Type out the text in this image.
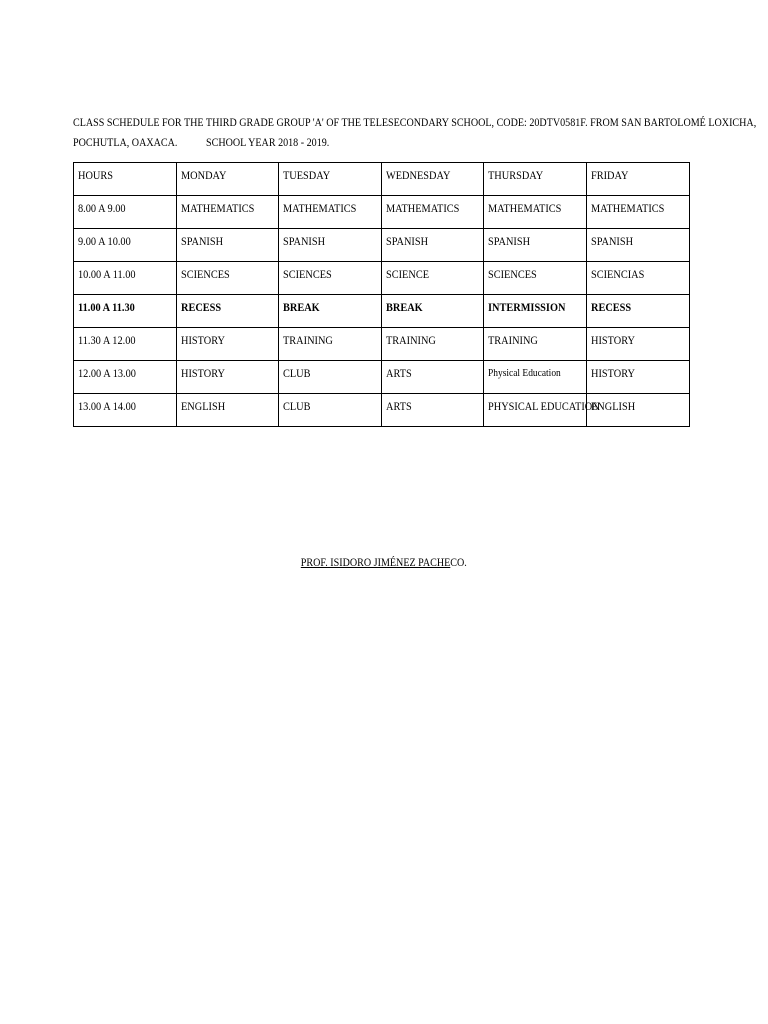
CLASS SCHEDULE FOR THE THIRD GRADE GROUP 'A' OF THE TELESECONDARY SCHOOL, CODE: 20DTV0581F. FROM SAN BARTOLOMÉ LOXICHA,
POCHUTLA, OAXACA. SCHOOL YEAR 2018 - 2019.
HOURS	MONDAY	TUESDAY	WEDNESDAY	THURSDAY	FRIDAY
8.00 A 9.00	MATHEMATICS	MATHEMATICS	MATHEMATICS	MATHEMATICS	MATHEMATICS
9.00 A 10.00	SPANISH	SPANISH	SPANISH	SPANISH	SPANISH
10.00 A 11.00	SCIENCES	SCIENCES	SCIENCE	SCIENCES	SCIENCIAS
11.00 A 11.30	RECESS	BREAK	BREAK	INTERMISSION	RECESS
11.30 A 12.00	HISTORY	TRAINING	TRAINING	TRAINING	HISTORY
12.00 A 13.00	HISTORY	CLUB	ARTS	Physical Education	HISTORY
13.00 A 14.00	ENGLISH	CLUB	ARTS	PHYSICAL EDUCATION	ENGLISH
PROF. ISIDORO JIMÉNEZ PACHECO.
